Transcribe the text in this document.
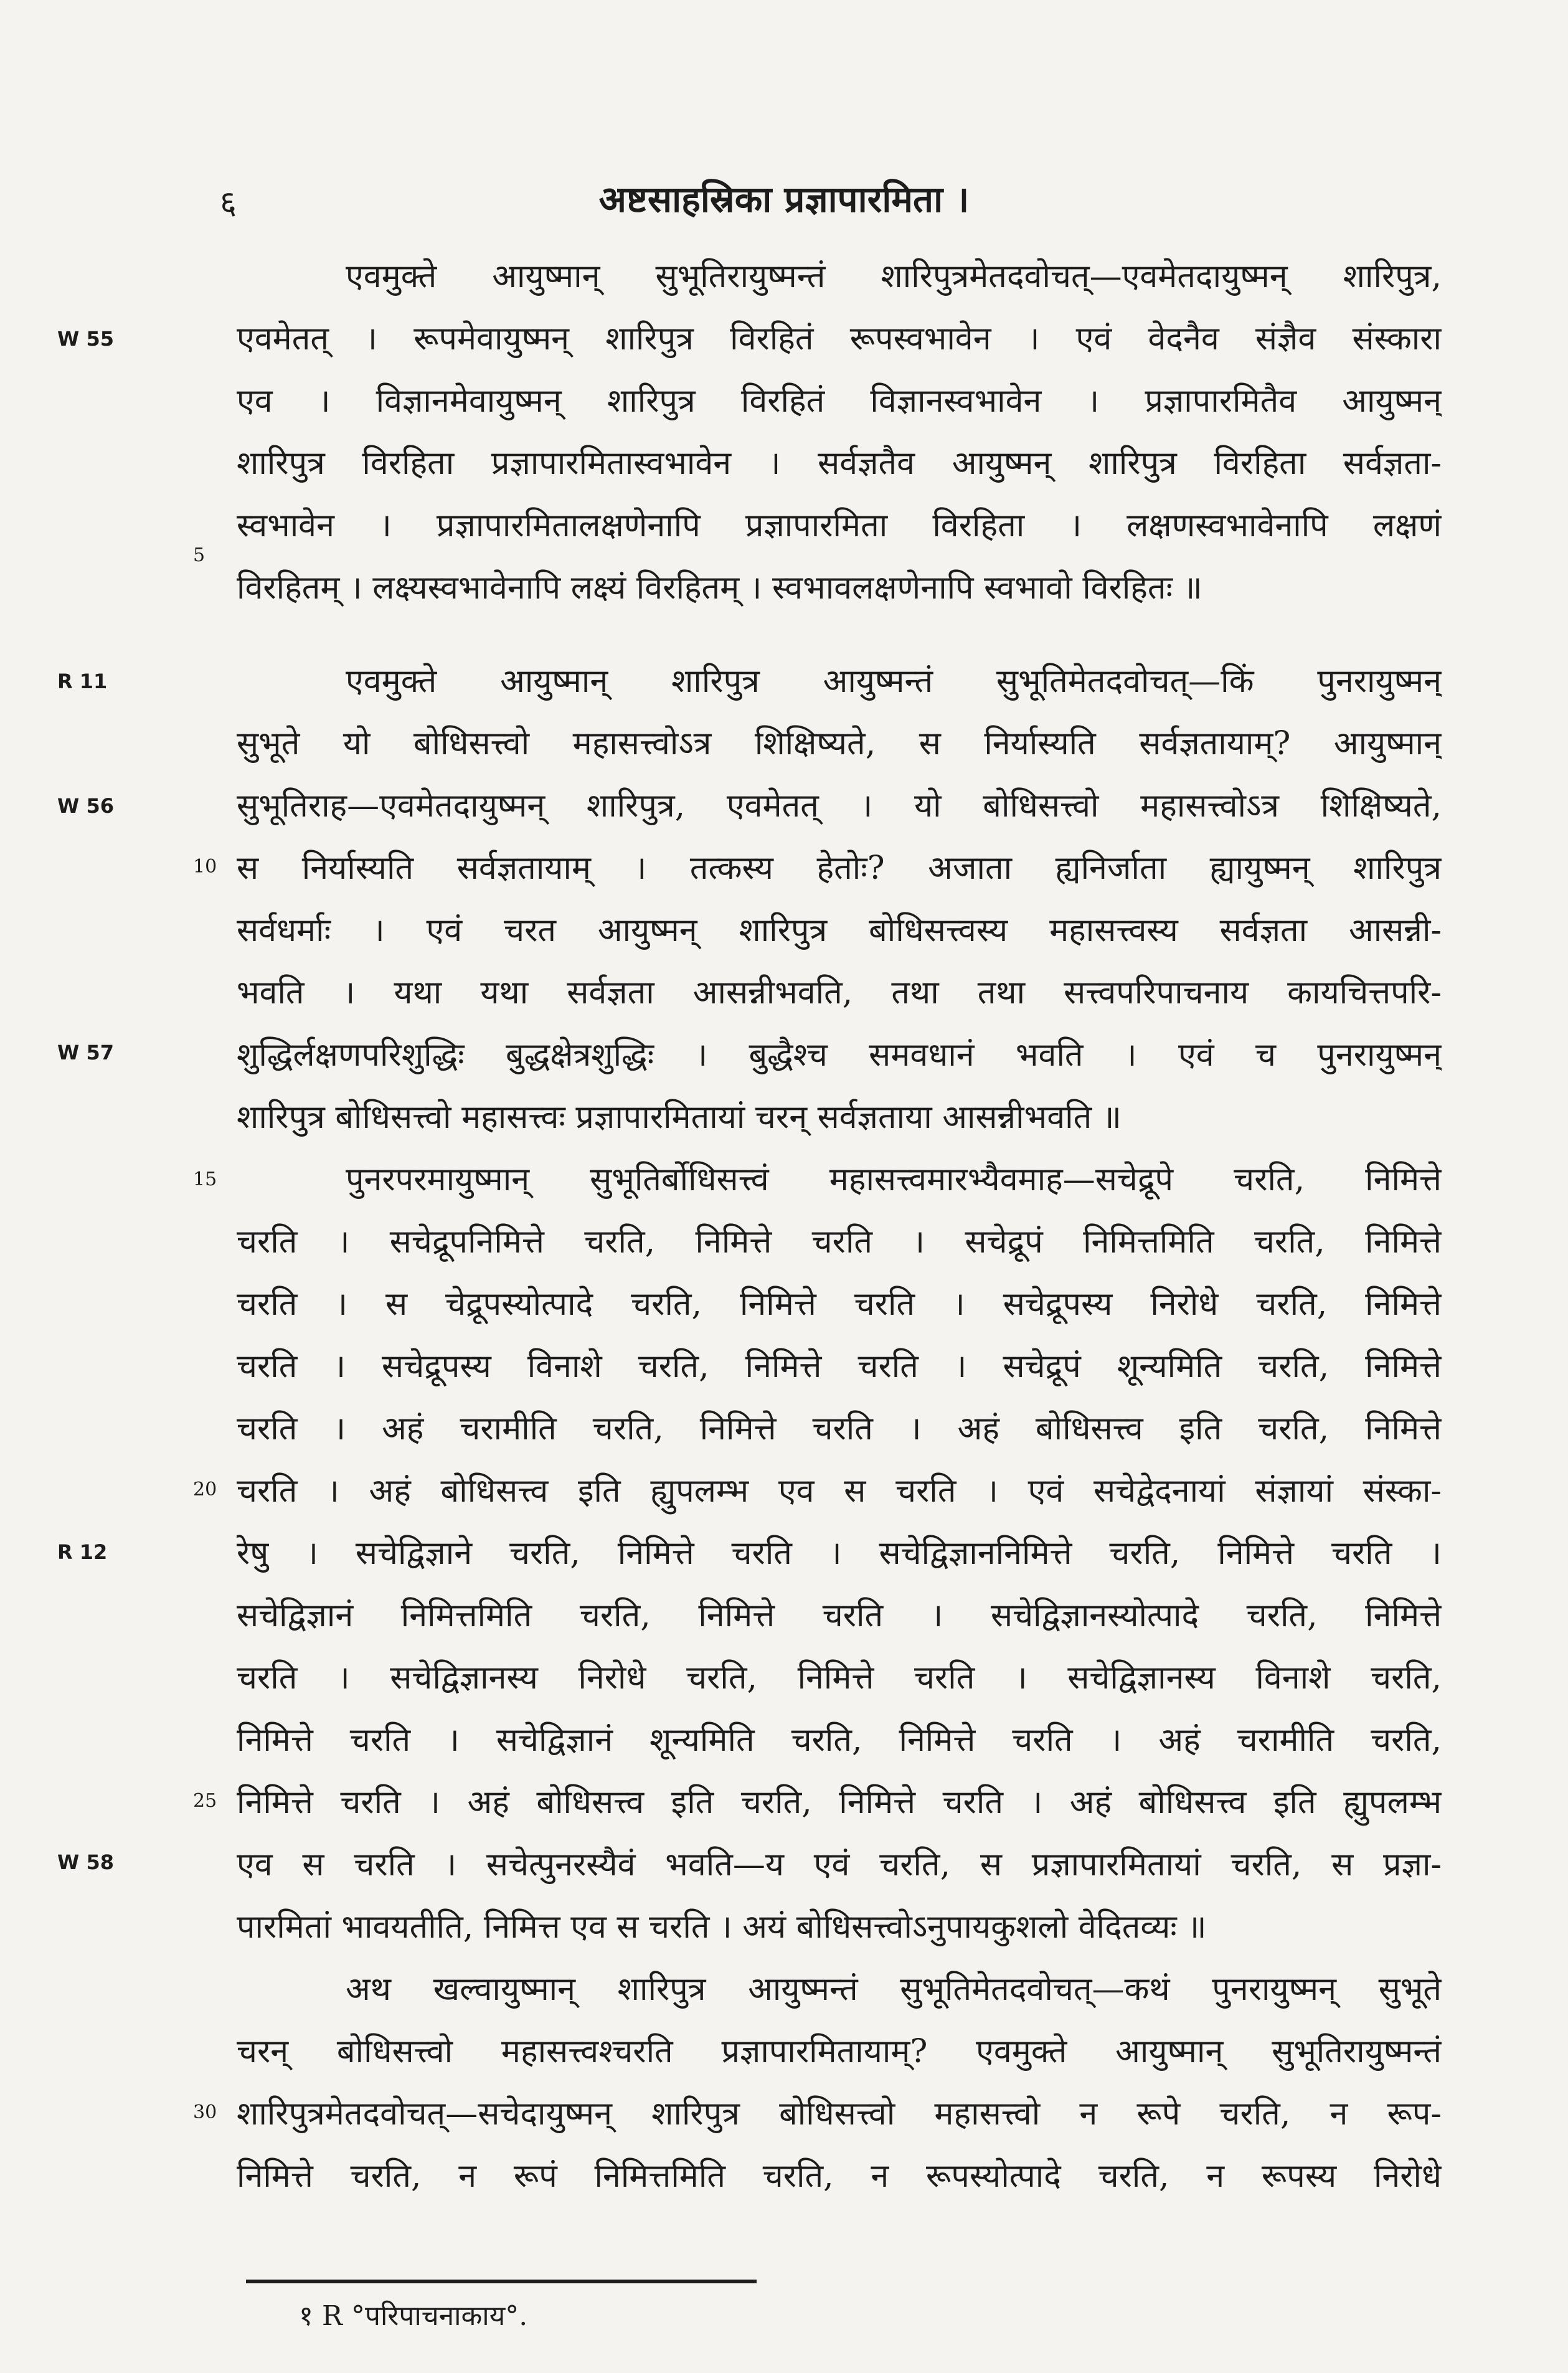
६	अष्टसाहस्रिका प्रज्ञापारमिता ।
W 55
R 11
W 56
W 57
R 12
W 58
5
10
15
20
25
30
एवमुक्ते आयुष्मान् सुभूतिरायुष्मन्तं शारिपुत्रमेतदवोचत्—एवमेतदायुष्मन् शारिपुत्र,
एवमेतत् । रूपमेवायुष्मन् शारिपुत्र विरहितं रूपस्वभावेन । एवं वेदनैव संज्ञैव संस्कारा
एव । विज्ञानमेवायुष्मन् शारिपुत्र विरहितं विज्ञानस्वभावेन । प्रज्ञापारमितैव आयुष्मन्
शारिपुत्र विरहिता प्रज्ञापारमितास्वभावेन । सर्वज्ञतैव आयुष्मन् शारिपुत्र विरहिता सर्वज्ञता-
स्वभावेन । प्रज्ञापारमितालक्षणेनापि प्रज्ञापारमिता विरहिता । लक्षणस्वभावेनापि लक्षणं
विरहितम् । लक्ष्यस्वभावेनापि लक्ष्यं विरहितम् । स्वभावलक्षणेनापि स्वभावो विरहितः ॥
एवमुक्ते आयुष्मान् शारिपुत्र आयुष्मन्तं सुभूतिमेतदवोचत्—किं पुनरायुष्मन्
सुभूते यो बोधिसत्त्वो महासत्त्वोऽत्र शिक्षिष्यते, स निर्यास्यति सर्वज्ञतायाम्? आयुष्मान्
सुभूतिराह—एवमेतदायुष्मन् शारिपुत्र, एवमेतत् । यो बोधिसत्त्वो महासत्त्वोऽत्र शिक्षिष्यते,
स निर्यास्यति सर्वज्ञतायाम् । तत्कस्य हेतोः? अजाता ह्यनिर्जाता ह्यायुष्मन् शारिपुत्र
सर्वधर्माः । एवं चरत आयुष्मन् शारिपुत्र बोधिसत्त्वस्य महासत्त्वस्य सर्वज्ञता आसन्नी-
भवति । यथा यथा सर्वज्ञता आसन्नीभवति, तथा तथा सत्त्वपरिपाचनाय कायचित्तपरि-
शुद्धिर्लक्षणपरिशुद्धिः बुद्धक्षेत्रशुद्धिः । बुद्धैश्च समवधानं भवति । एवं च पुनरायुष्मन्
शारिपुत्र बोधिसत्त्वो महासत्त्वः प्रज्ञापारमितायां चरन् सर्वज्ञताया आसन्नीभवति ॥
पुनरपरमायुष्मान् सुभूतिर्बोधिसत्त्वं महासत्त्वमारभ्यैवमाह—सचेद्रूपे चरति, निमित्ते
चरति । सचेद्रूपनिमित्ते चरति, निमित्ते चरति । सचेद्रूपं निमित्तमिति चरति, निमित्ते
चरति । स चेद्रूपस्योत्पादे चरति, निमित्ते चरति । सचेद्रूपस्य निरोधे चरति, निमित्ते
चरति । सचेद्रूपस्य विनाशे चरति, निमित्ते चरति । सचेद्रूपं शून्यमिति चरति, निमित्ते
चरति । अहं चरामीति चरति, निमित्ते चरति । अहं बोधिसत्त्व इति चरति, निमित्ते
चरति । अहं बोधिसत्त्व इति ह्युपलम्भ एव स चरति । एवं सचेद्वेदनायां संज्ञायां संस्का-
रेषु । सचेद्विज्ञाने चरति, निमित्ते चरति । सचेद्विज्ञाननिमित्ते चरति, निमित्ते चरति ।
सचेद्विज्ञानं निमित्तमिति चरति, निमित्ते चरति । सचेद्विज्ञानस्योत्पादे चरति, निमित्ते
चरति । सचेद्विज्ञानस्य निरोधे चरति, निमित्ते चरति । सचेद्विज्ञानस्य विनाशे चरति,
निमित्ते चरति । सचेद्विज्ञानं शून्यमिति चरति, निमित्ते चरति । अहं चरामीति चरति,
निमित्ते चरति । अहं बोधिसत्त्व इति चरति, निमित्ते चरति । अहं बोधिसत्त्व इति ह्युपलम्भ
एव स चरति । सचेत्पुनरस्यैवं भवति—य एवं चरति, स प्रज्ञापारमितायां चरति, स प्रज्ञा-
पारमितां भावयतीति, निमित्त एव स चरति । अयं बोधिसत्त्वोऽनुपायकुशलो वेदितव्यः ॥
अथ खल्वायुष्मान् शारिपुत्र आयुष्मन्तं सुभूतिमेतदवोचत्—कथं पुनरायुष्मन् सुभूते
चरन् बोधिसत्त्वो महासत्त्वश्चरति प्रज्ञापारमितायाम्? एवमुक्ते आयुष्मान् सुभूतिरायुष्मन्तं
शारिपुत्रमेतदवोचत्—सचेदायुष्मन् शारिपुत्र बोधिसत्त्वो महासत्त्वो न रूपे चरति, न रूप-
निमित्ते चरति, न रूपं निमित्तमिति चरति, न रूपस्योत्पादे चरति, न रूपस्य निरोधे
१ R °परिपाचनाकाय°.
